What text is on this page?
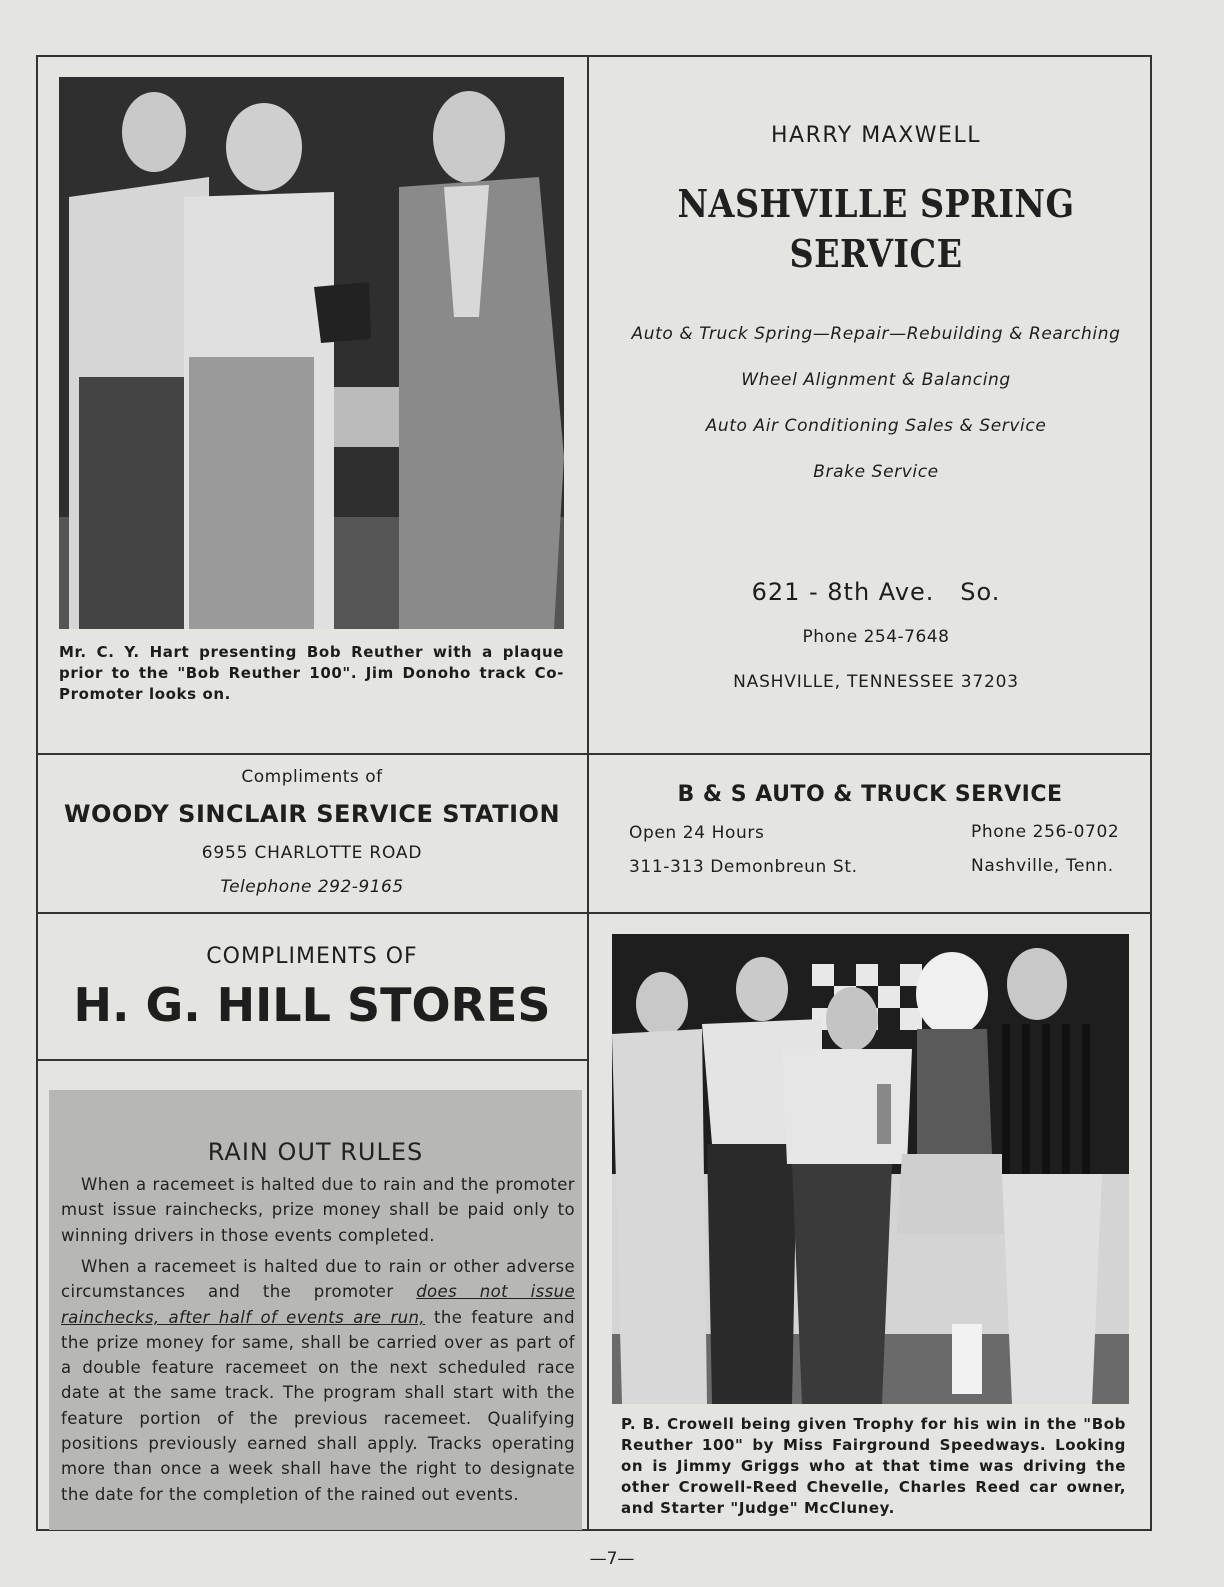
Mr. C. Y. Hart presenting Bob Reuther with a plaque prior to the "Bob Reuther 100". Jim Donoho track Co-Promoter looks on.
HARRY MAXWELL
NASHVILLE SPRING
SERVICE
Auto & Truck Spring—Repair—Rebuilding & Rearching
Wheel Alignment & Balancing
Auto Air Conditioning Sales & Service
Brake Service
621 - 8th Ave.   So.
Phone 254-7648
NASHVILLE, TENNESSEE 37203
Compliments of
WOODY SINCLAIR SERVICE STATION
6955 CHARLOTTE ROAD
Telephone 292-9165
B & S AUTO & TRUCK SERVICE
Open 24 Hours	Phone 256-0702
311-313 Demonbreun St.	Nashville, Tenn.
COMPLIMENTS OF
H. G. HILL STORES
RAIN OUT RULES
When a racemeet is halted due to rain and the promoter must issue rainchecks, prize money shall be paid only to winning drivers in those events completed.
When a racemeet is halted due to rain or other adverse circumstances and the promoter does not issue rainchecks, after half of events are run, the feature and the prize money for same, shall be carried over as part of a double feature racemeet on the next scheduled race date at the same track. The program shall start with the feature portion of the previous racemeet. Qualifying positions previously earned shall apply. Tracks operating more than once a week shall have the right to designate the date for the completion of the rained out events.
P. B. Crowell being given Trophy for his win in the "Bob Reuther 100" by Miss Fairground Speedways. Looking on is Jimmy Griggs who at that time was driving the other Crowell-Reed Chevelle, Charles Reed car owner, and Starter "Judge" McCluney.
—7—
